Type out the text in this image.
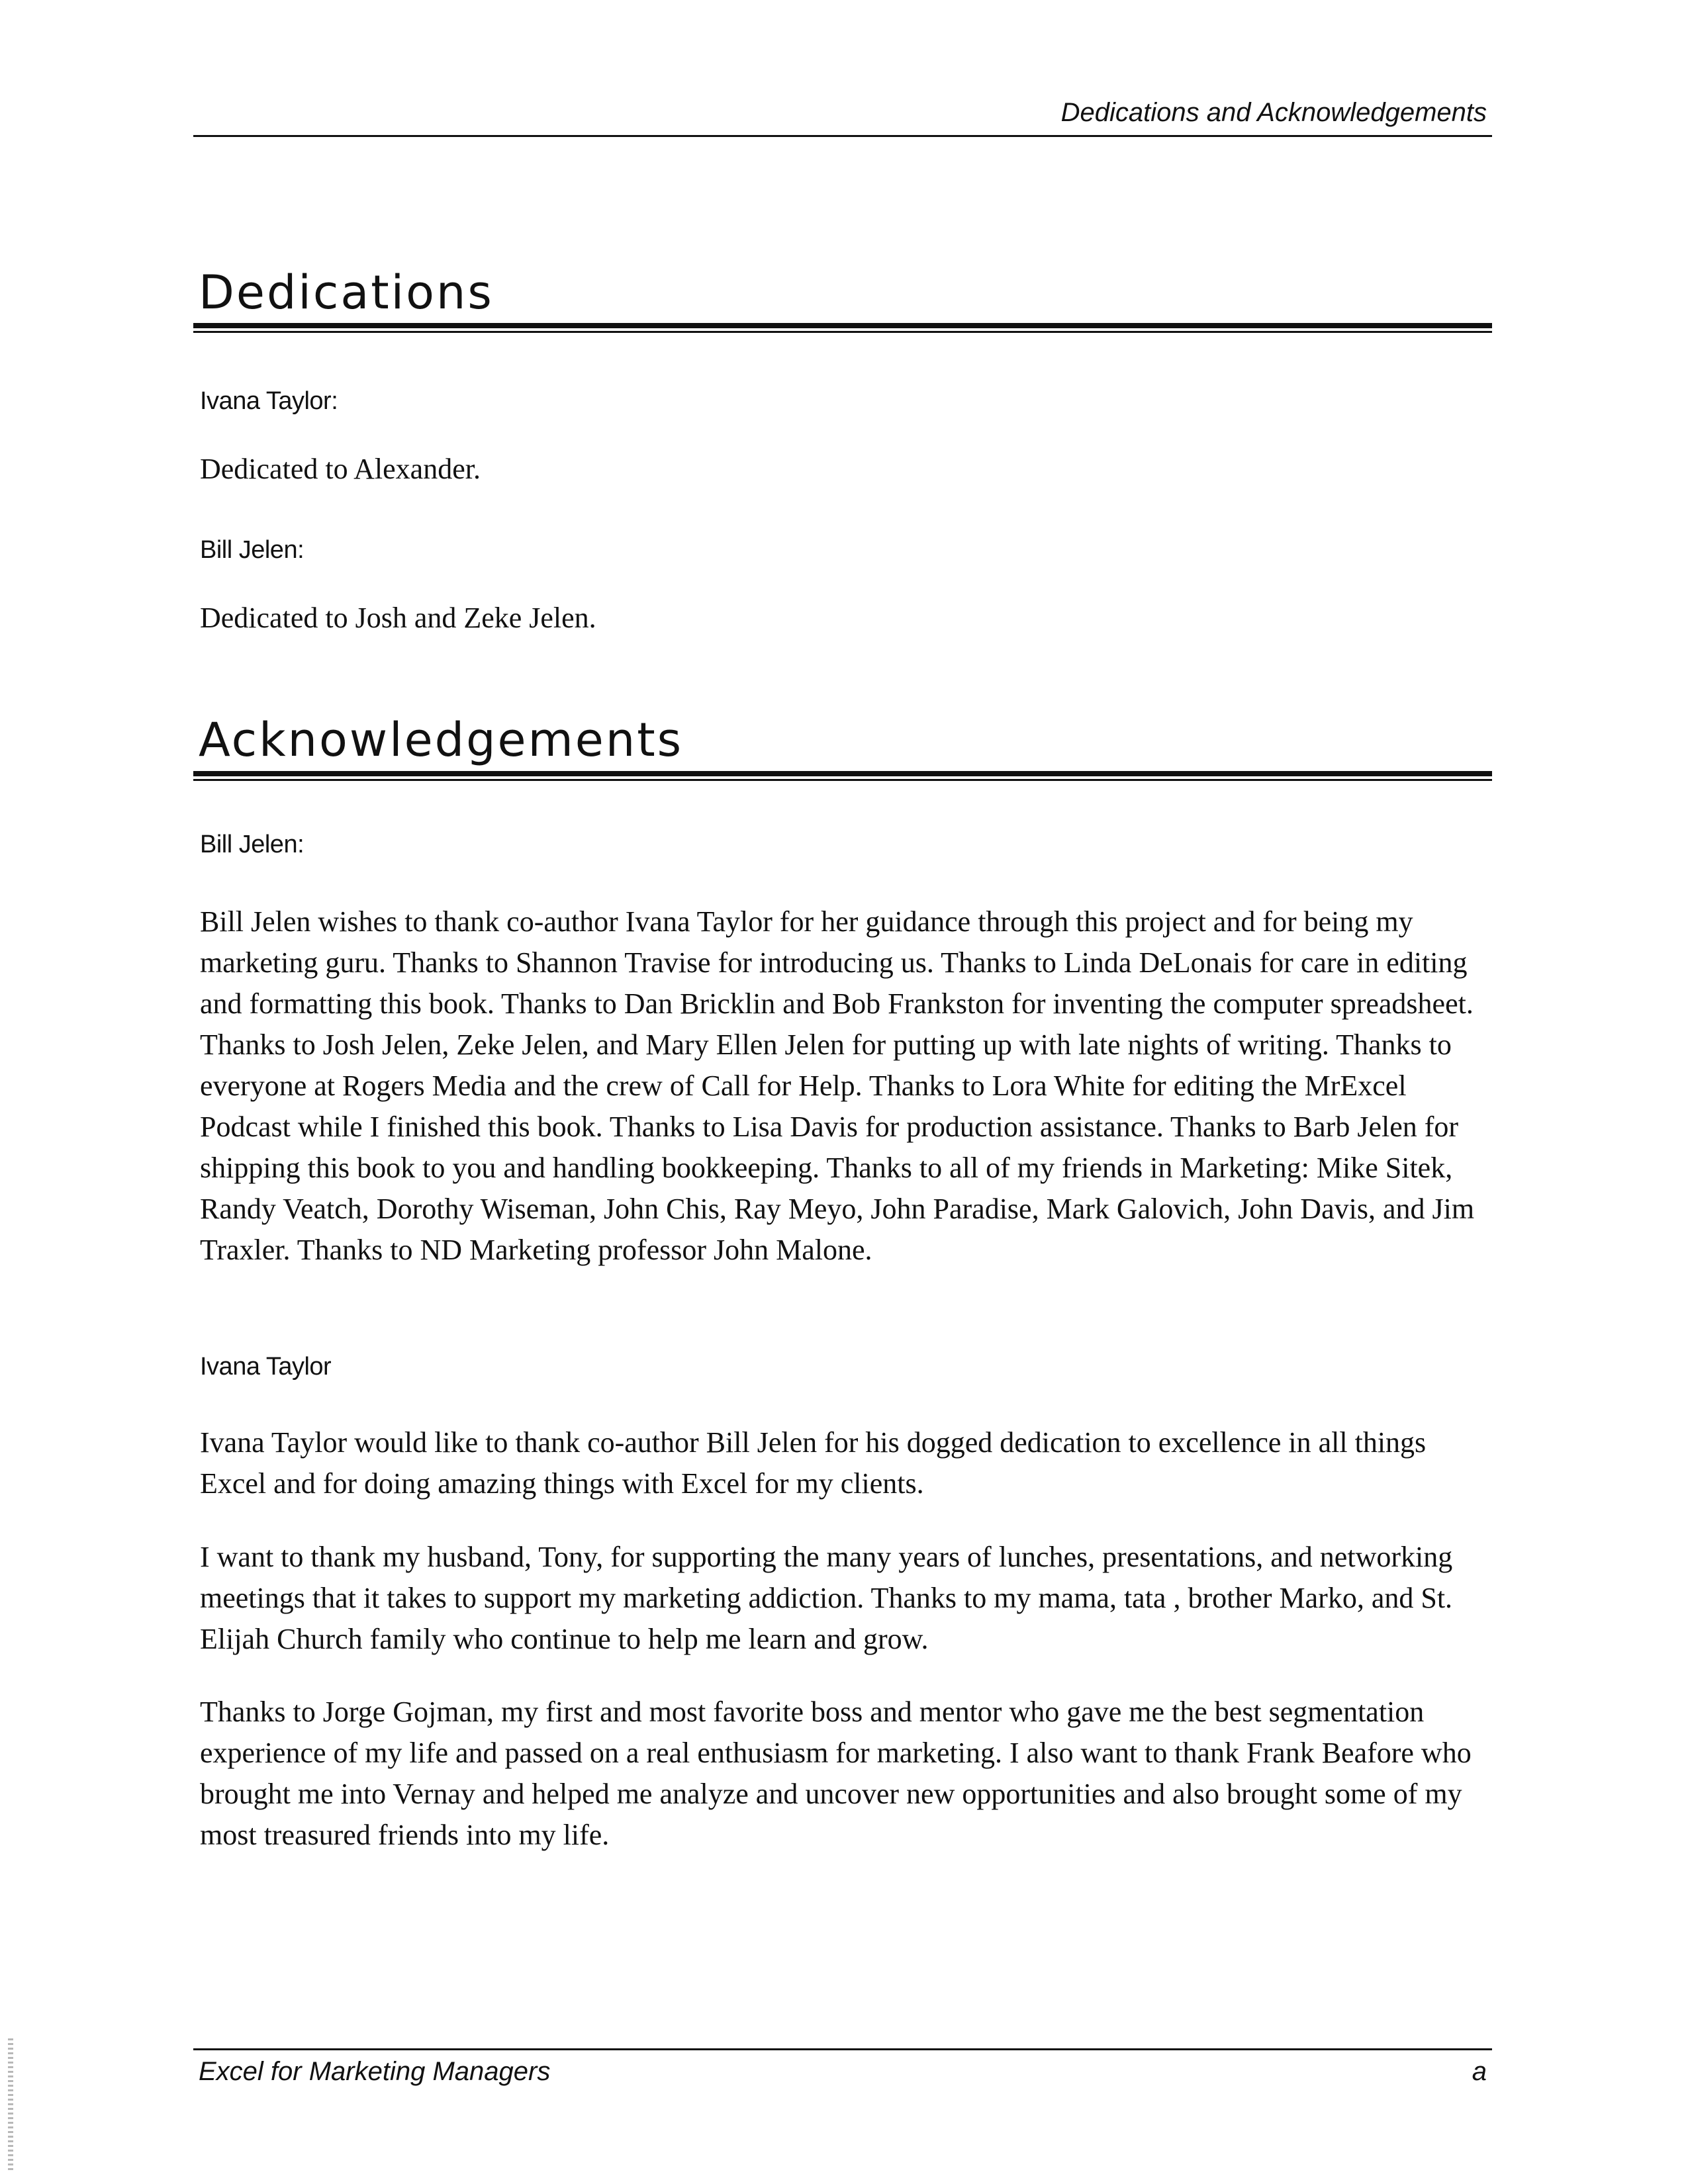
Dedications and Acknowledgements
Dedications

Ivana Taylor:

Dedicated to Alexander.

Bill Jelen:

Dedicated to Josh and Zeke Jelen.

Acknowledgements

Bill Jelen:

Bill Jelen wishes to thank co-author Ivana Taylor for her guidance through this project and for being my marketing guru. Thanks to Shannon Travise for introducing us. Thanks to Linda DeLonais for care in editing and formatting this book. Thanks to Dan Bricklin and Bob Frankston for inventing the computer spreadsheet. Thanks to Josh Jelen, Zeke Jelen, and Mary Ellen Jelen for putting up with late nights of writing. Thanks to everyone at Rogers Media and the crew of Call for Help. Thanks to Lora White for editing the MrExcel Podcast while I finished this book. Thanks to Lisa Davis for production assistance. Thanks to Barb Jelen for shipping this book to you and handling bookkeeping. Thanks to all of my friends in Marketing: Mike Sitek, Randy Veatch, Dorothy Wiseman, John Chis, Ray Meyo, John Paradise, Mark Galovich, John Davis, and Jim Traxler. Thanks to ND Marketing professor John Malone.

Ivana Taylor

Ivana Taylor would like to thank co-author Bill Jelen for his dogged dedication to excellence in all things Excel and for doing amazing things with Excel for my clients.

I want to thank my husband, Tony, for supporting the many years of lunches, presentations, and networking meetings that it takes to support my marketing addiction. Thanks to my mama, tata , brother Marko, and St. Elijah Church family who continue to help me learn and grow.

Thanks to Jorge Gojman, my first and most favorite boss and mentor who gave me the best segmentation experience of my life and passed on a real enthusiasm for marketing. I also want to thank Frank Beafore who brought me into Vernay and helped me analyze and uncover new opportunities and also brought some of my most treasured friends into my life.

Excel for Marketing Managers	a
